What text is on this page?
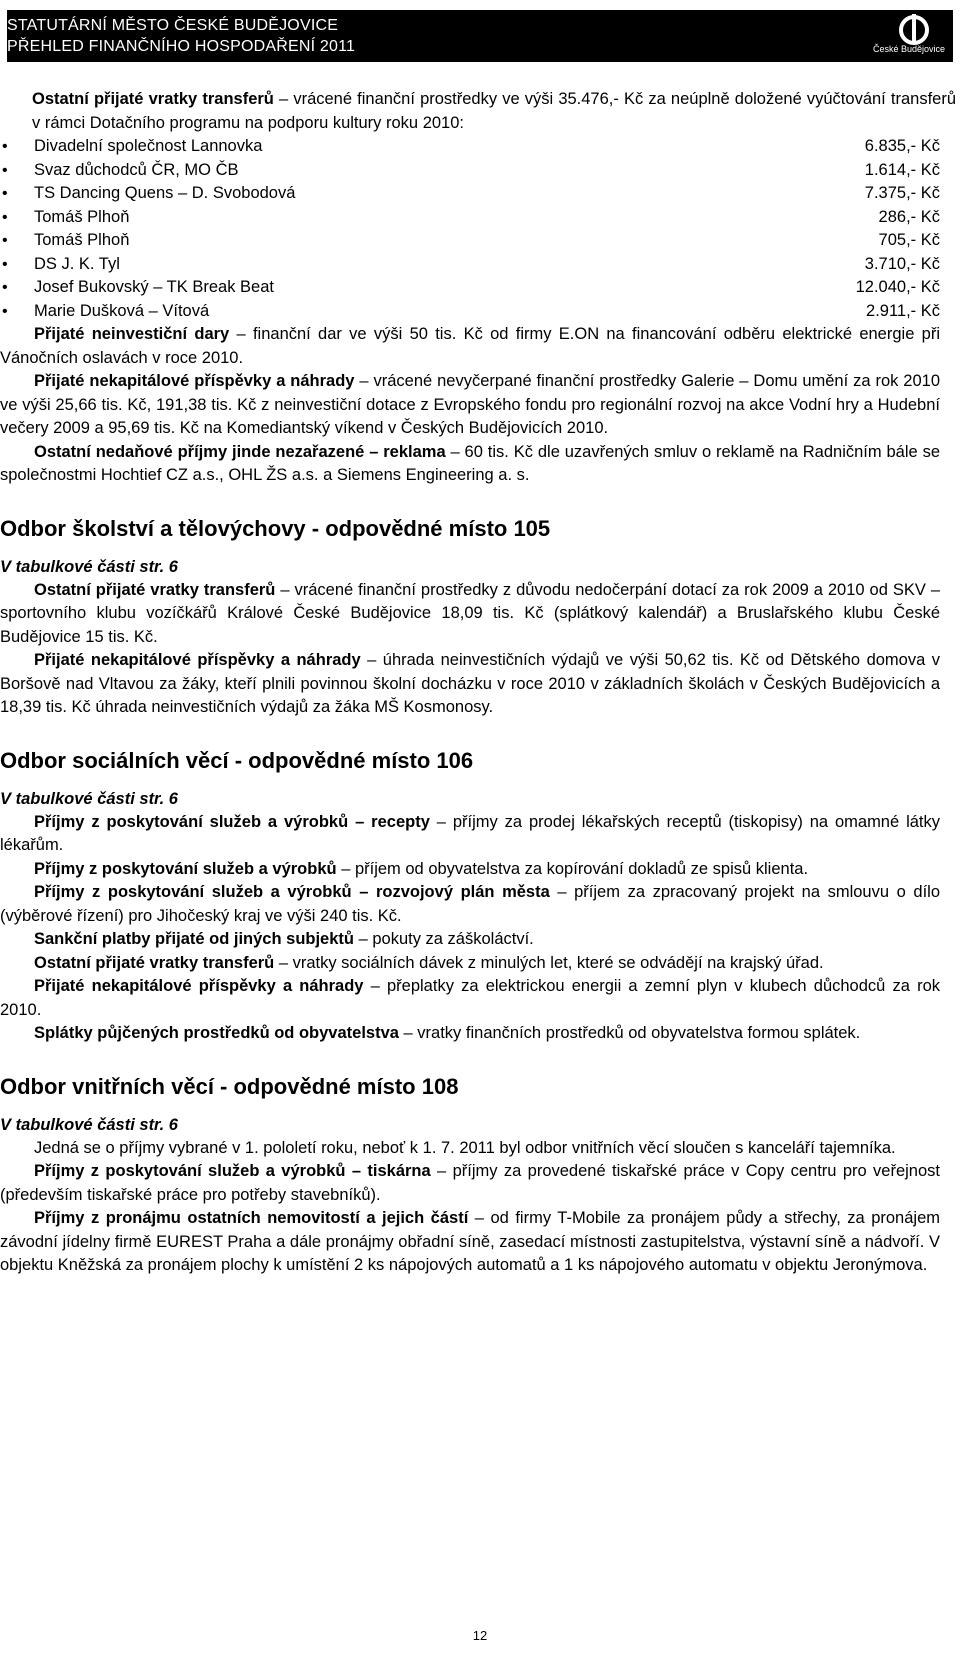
STATUTÁRNÍ MĚSTO ČESKÉ BUDĚJOVICE
PŘEHLED FINANČNÍHO HOSPODAŘENÍ 2011	České Budějovice

Ostatní přijaté vratky transferů – vrácené finanční prostředky ve výši 35.476,- Kč za neúplně doložené vyúčtování transferů v rámci Dotačního programu na podporu kultury roku 2010:

• Divadelní společnost Lannovka	6.835,- Kč
• Svaz důchodců ČR, MO ČB	1.614,- Kč
• TS Dancing Quens – D. Svobodová	7.375,- Kč
• Tomáš Plhoň	286,- Kč
• Tomáš Plhoň	705,- Kč
• DS J. K. Tyl	3.710,- Kč
• Josef Bukovský – TK Break Beat	12.040,- Kč
• Marie Dušková – Vítová	2.911,- Kč

Přijaté neinvestiční dary – finanční dar ve výši 50 tis. Kč od firmy E.ON na financování odběru elektrické energie při Vánočních oslavách v roce 2010.

Přijaté nekapitálové příspěvky a náhrady – vrácené nevyčerpané finanční prostředky Galerie – Domu umění za rok 2010 ve výši 25,66 tis. Kč, 191,38 tis. Kč z neinvestiční dotace z Evropského fondu pro regionální rozvoj na akce Vodní hry a Hudební večery 2009 a 95,69 tis. Kč na Komediantský víkend v Českých Budějovicích 2010.

Ostatní nedaňové příjmy jinde nezařazené – reklama – 60 tis. Kč dle uzavřených smluv o reklamě na Radničním bále se společnostmi Hochtief CZ a.s., OHL ŽS a.s. a Siemens Engineering a. s.

Odbor školství a tělovýchovy - odpovědné místo 105

V tabulkové části str. 6

Ostatní přijaté vratky transferů – vrácené finanční prostředky z důvodu nedočerpání dotací za rok 2009 a 2010 od SKV – sportovního klubu vozíčkářů Králové České Budějovice 18,09 tis. Kč (splátkový kalendář) a Bruslařského klubu České Budějovice 15 tis. Kč.

Přijaté nekapitálové příspěvky a náhrady – úhrada neinvestičních výdajů ve výši 50,62 tis. Kč od Dětského domova v Boršově nad Vltavou za žáky, kteří plnili povinnou školní docházku v roce 2010 v základních školách v Českých Budějovicích a 18,39 tis. Kč úhrada neinvestičních výdajů za žáka MŠ Kosmonosy.

Odbor sociálních věcí - odpovědné místo 106

V tabulkové části str. 6

Příjmy z poskytování služeb a výrobků – recepty – příjmy za prodej lékařských receptů (tiskopisy) na omamné látky lékařům.

Příjmy z poskytování služeb a výrobků – příjem od obyvatelstva za kopírování dokladů ze spisů klienta.

Příjmy z poskytování služeb a výrobků – rozvojový plán města – příjem za zpracovaný projekt na smlouvu o dílo (výběrové řízení) pro Jihočeský kraj ve výši 240 tis. Kč.

Sankční platby přijaté od jiných subjektů – pokuty za záškoláctví.

Ostatní přijaté vratky transferů – vratky sociálních dávek z minulých let, které se odvádějí na krajský úřad.

Přijaté nekapitálové příspěvky a náhrady – přeplatky za elektrickou energii a zemní plyn v klubech důchodců za rok 2010.

Splátky půjčených prostředků od obyvatelstva – vratky finančních prostředků od obyvatelstva formou splátek.

Odbor vnitřních věcí - odpovědné místo 108

V tabulkové části str. 6

Jedná se o příjmy vybrané v 1. pololetí roku, neboť k 1. 7. 2011 byl odbor vnitřních věcí sloučen s kanceláří tajemníka.

Příjmy z poskytování služeb a výrobků – tiskárna – příjmy za provedené tiskařské práce v Copy centru pro veřejnost (především tiskařské práce pro potřeby stavebníků).

Příjmy z pronájmu ostatních nemovitostí a jejich částí – od firmy T-Mobile za pronájem půdy a střechy, za pronájem závodní jídelny firmě EUREST Praha a dále pronájmy obřadní síně, zasedací místnosti zastupitelstva, výstavní síně a nádvoří. V objektu Kněžská za pronájem plochy k umístění 2 ks nápojových automatů a 1 ks nápojového automatu v objektu Jeronýmova.

12
